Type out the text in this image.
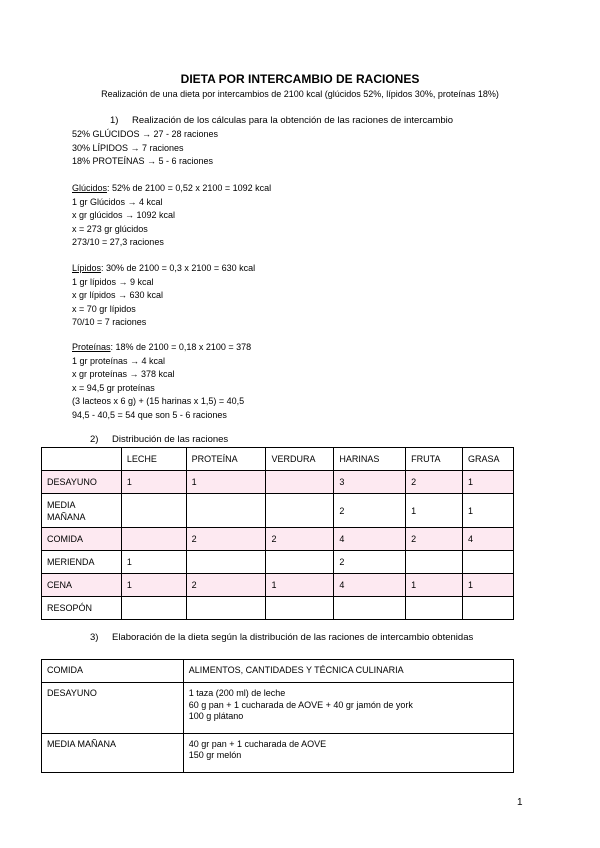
DIETA POR INTERCAMBIO DE RACIONES
Realización de una dieta por intercambios de 2100 kcal (glúcidos 52%, lípidos 30%, proteínas 18%)
1) Realización de los cálculas para la obtención de las raciones de intercambio
52% GLÚCIDOS → 27 - 28 raciones
30% LÍPIDOS → 7 raciones
18% PROTEÍNAS → 5 - 6 raciones
Glúcidos: 52% de 2100 = 0,52 x 2100 = 1092 kcal
1 gr Glúcidos → 4 kcal
x gr glúcidos → 1092 kcal
x = 273 gr glúcidos
273/10 = 27,3 raciones
Lípidos: 30% de 2100 = 0,3 x 2100 = 630 kcal
1 gr lípidos → 9 kcal
x gr lípidos → 630 kcal
x = 70 gr lípidos
70/10 = 7 raciones
Proteínas: 18% de 2100 = 0,18 x 2100 = 378
1 gr proteínas → 4 kcal
x gr proteínas → 378 kcal
x = 94,5 gr proteínas
(3 lacteos x 6 g) + (15 harinas x 1,5) = 40,5
94,5 - 40,5 = 54 que son 5 - 6 raciones
2) Distribución de las raciones
	LECHE	PROTEÍNA	VERDURA	HARINAS	FRUTA	GRASA
DESAYUNO	1	1		3	2	1
MEDIA
MAÑANA				2	1	1
COMIDA		2	2	4	2	4
MERIENDA	1			2		
CENA	1	2	1	4	1	1
RESOPÓN						
3) Elaboración de la dieta según la distribución de las raciones de intercambio obtenidas
COMIDA	ALIMENTOS, CANTIDADES Y TÉCNICA CULINARIA
DESAYUNO	1 taza (200 ml) de leche
60 g pan + 1 cucharada de AOVE + 40 gr jamón de york
100 g plátano

MEDIA MAÑANA	40 gr pan + 1 cucharada de AOVE
150 gr melón
1
